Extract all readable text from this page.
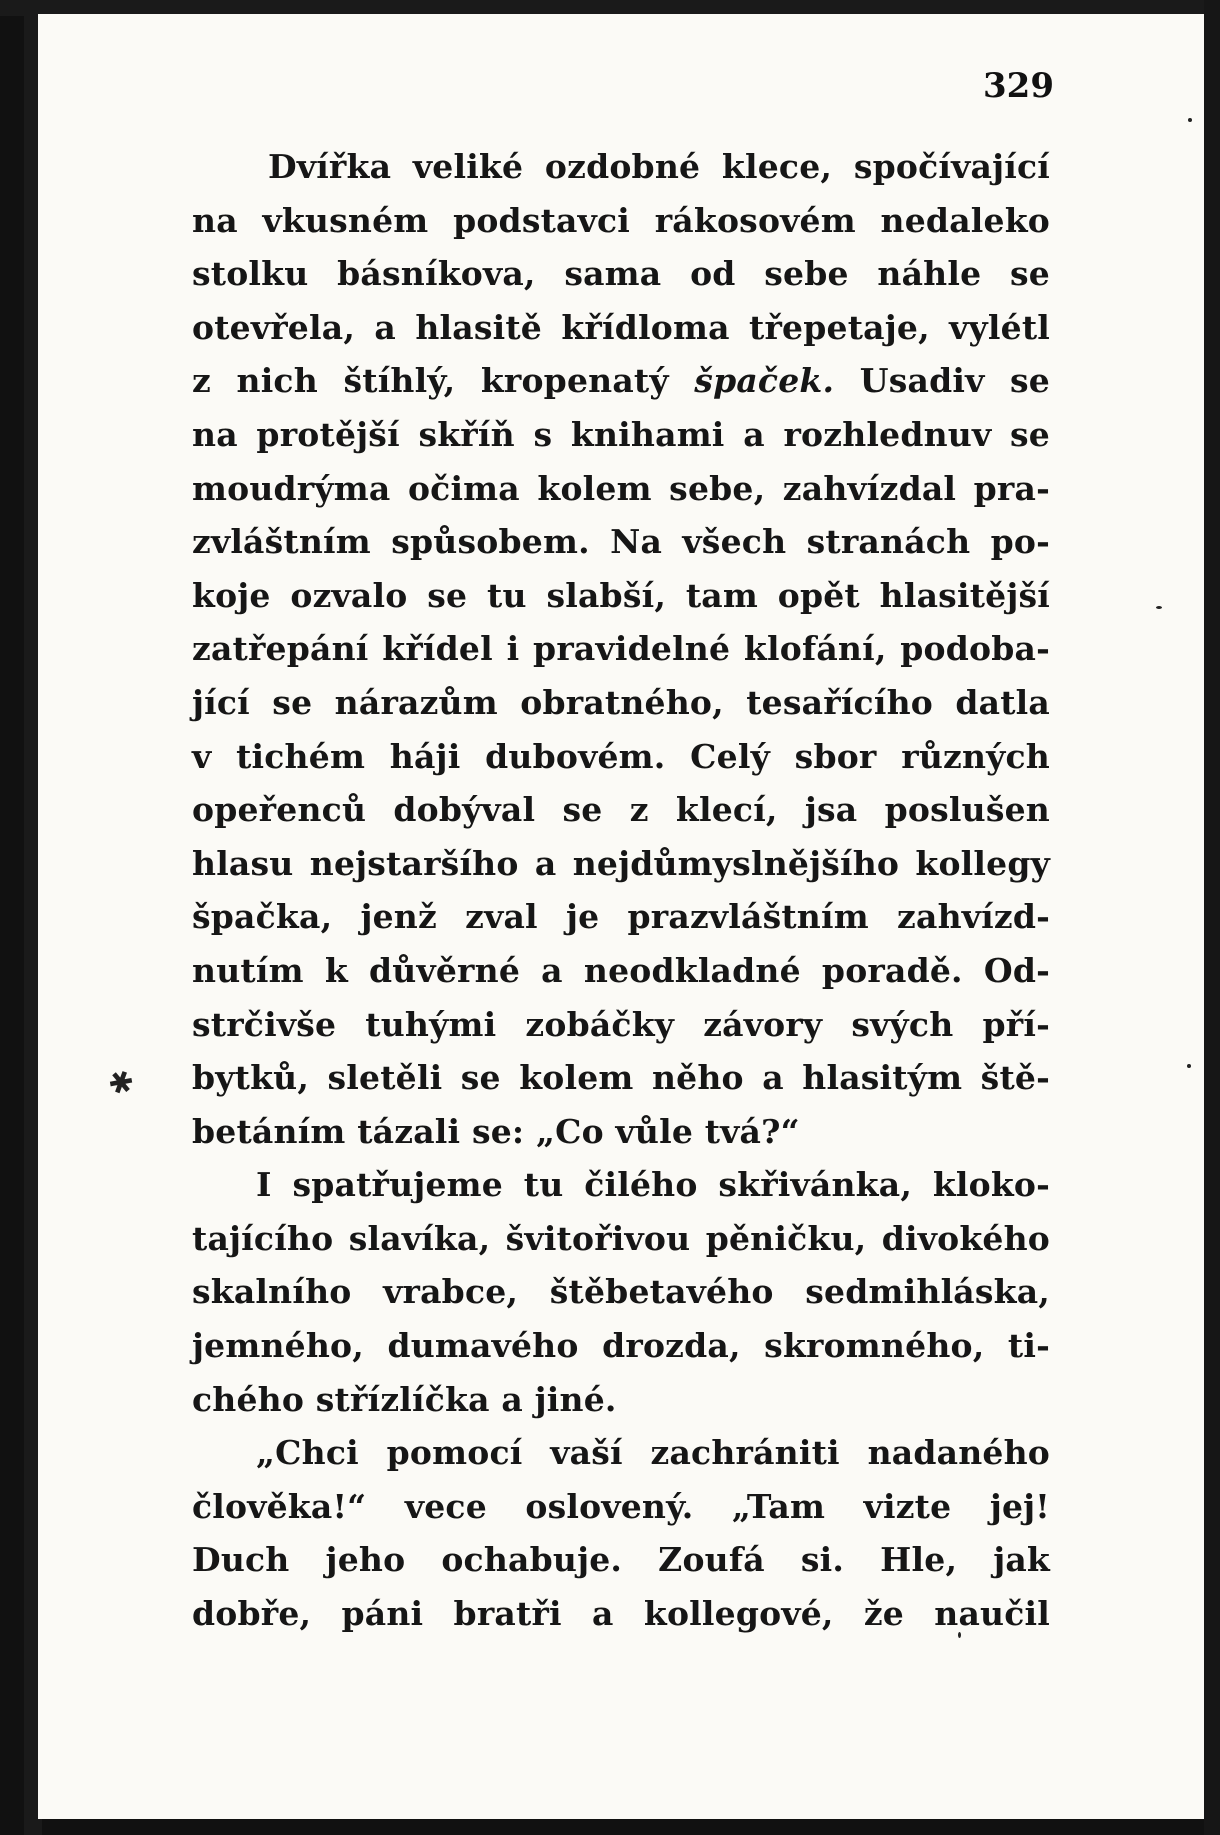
329
✱
Dvířka veliké ozdobné klece, spočívající
na vkusném podstavci rákosovém nedaleko
stolku básníkova, sama od sebe náhle se
otevřela, a hlasitě křídloma třepetaje, vylétl
z nich štíhlý, kropenatý špaček. Usadiv se
na protější skříň s knihami a rozhlednuv se
moudrýma očima kolem sebe, zahvízdal pra-
zvláštním spůsobem. Na všech stranách po-
koje ozvalo se tu slabší, tam opět hlasitější
zatřepání křídel i pravidelné klofání, podoba-
jící se nárazům obratného, tesařícího datla
v tichém háji dubovém. Celý sbor různých
opeřenců dobýval se z klecí, jsa poslušen
hlasu nejstaršího a nejdůmyslnějšího kollegy
špačka, jenž zval je prazvláštním zahvízd-
nutím k důvěrné a neodkladné poradě. Od-
strčivše tuhými zobáčky závory svých pří-
bytků, sletěli se kolem něho a hlasitým ště-
betáním tázali se: „Co vůle tvá?“
I spatřujeme tu čilého skřivánka, kloko-
tajícího slavíka, švitořivou pěničku, divokého
skalního vrabce, štěbetavého sedmihláska,
jemného, dumavého drozda, skromného, ti-
chého střízlíčka a jiné.
„Chci pomocí vaší zachrániti nadaného
člověka!“ vece oslovený. „Tam vizte jej!
Duch jeho ochabuje. Zoufá si. Hle, jak
dobře, páni bratři a kollegové, že naučil
